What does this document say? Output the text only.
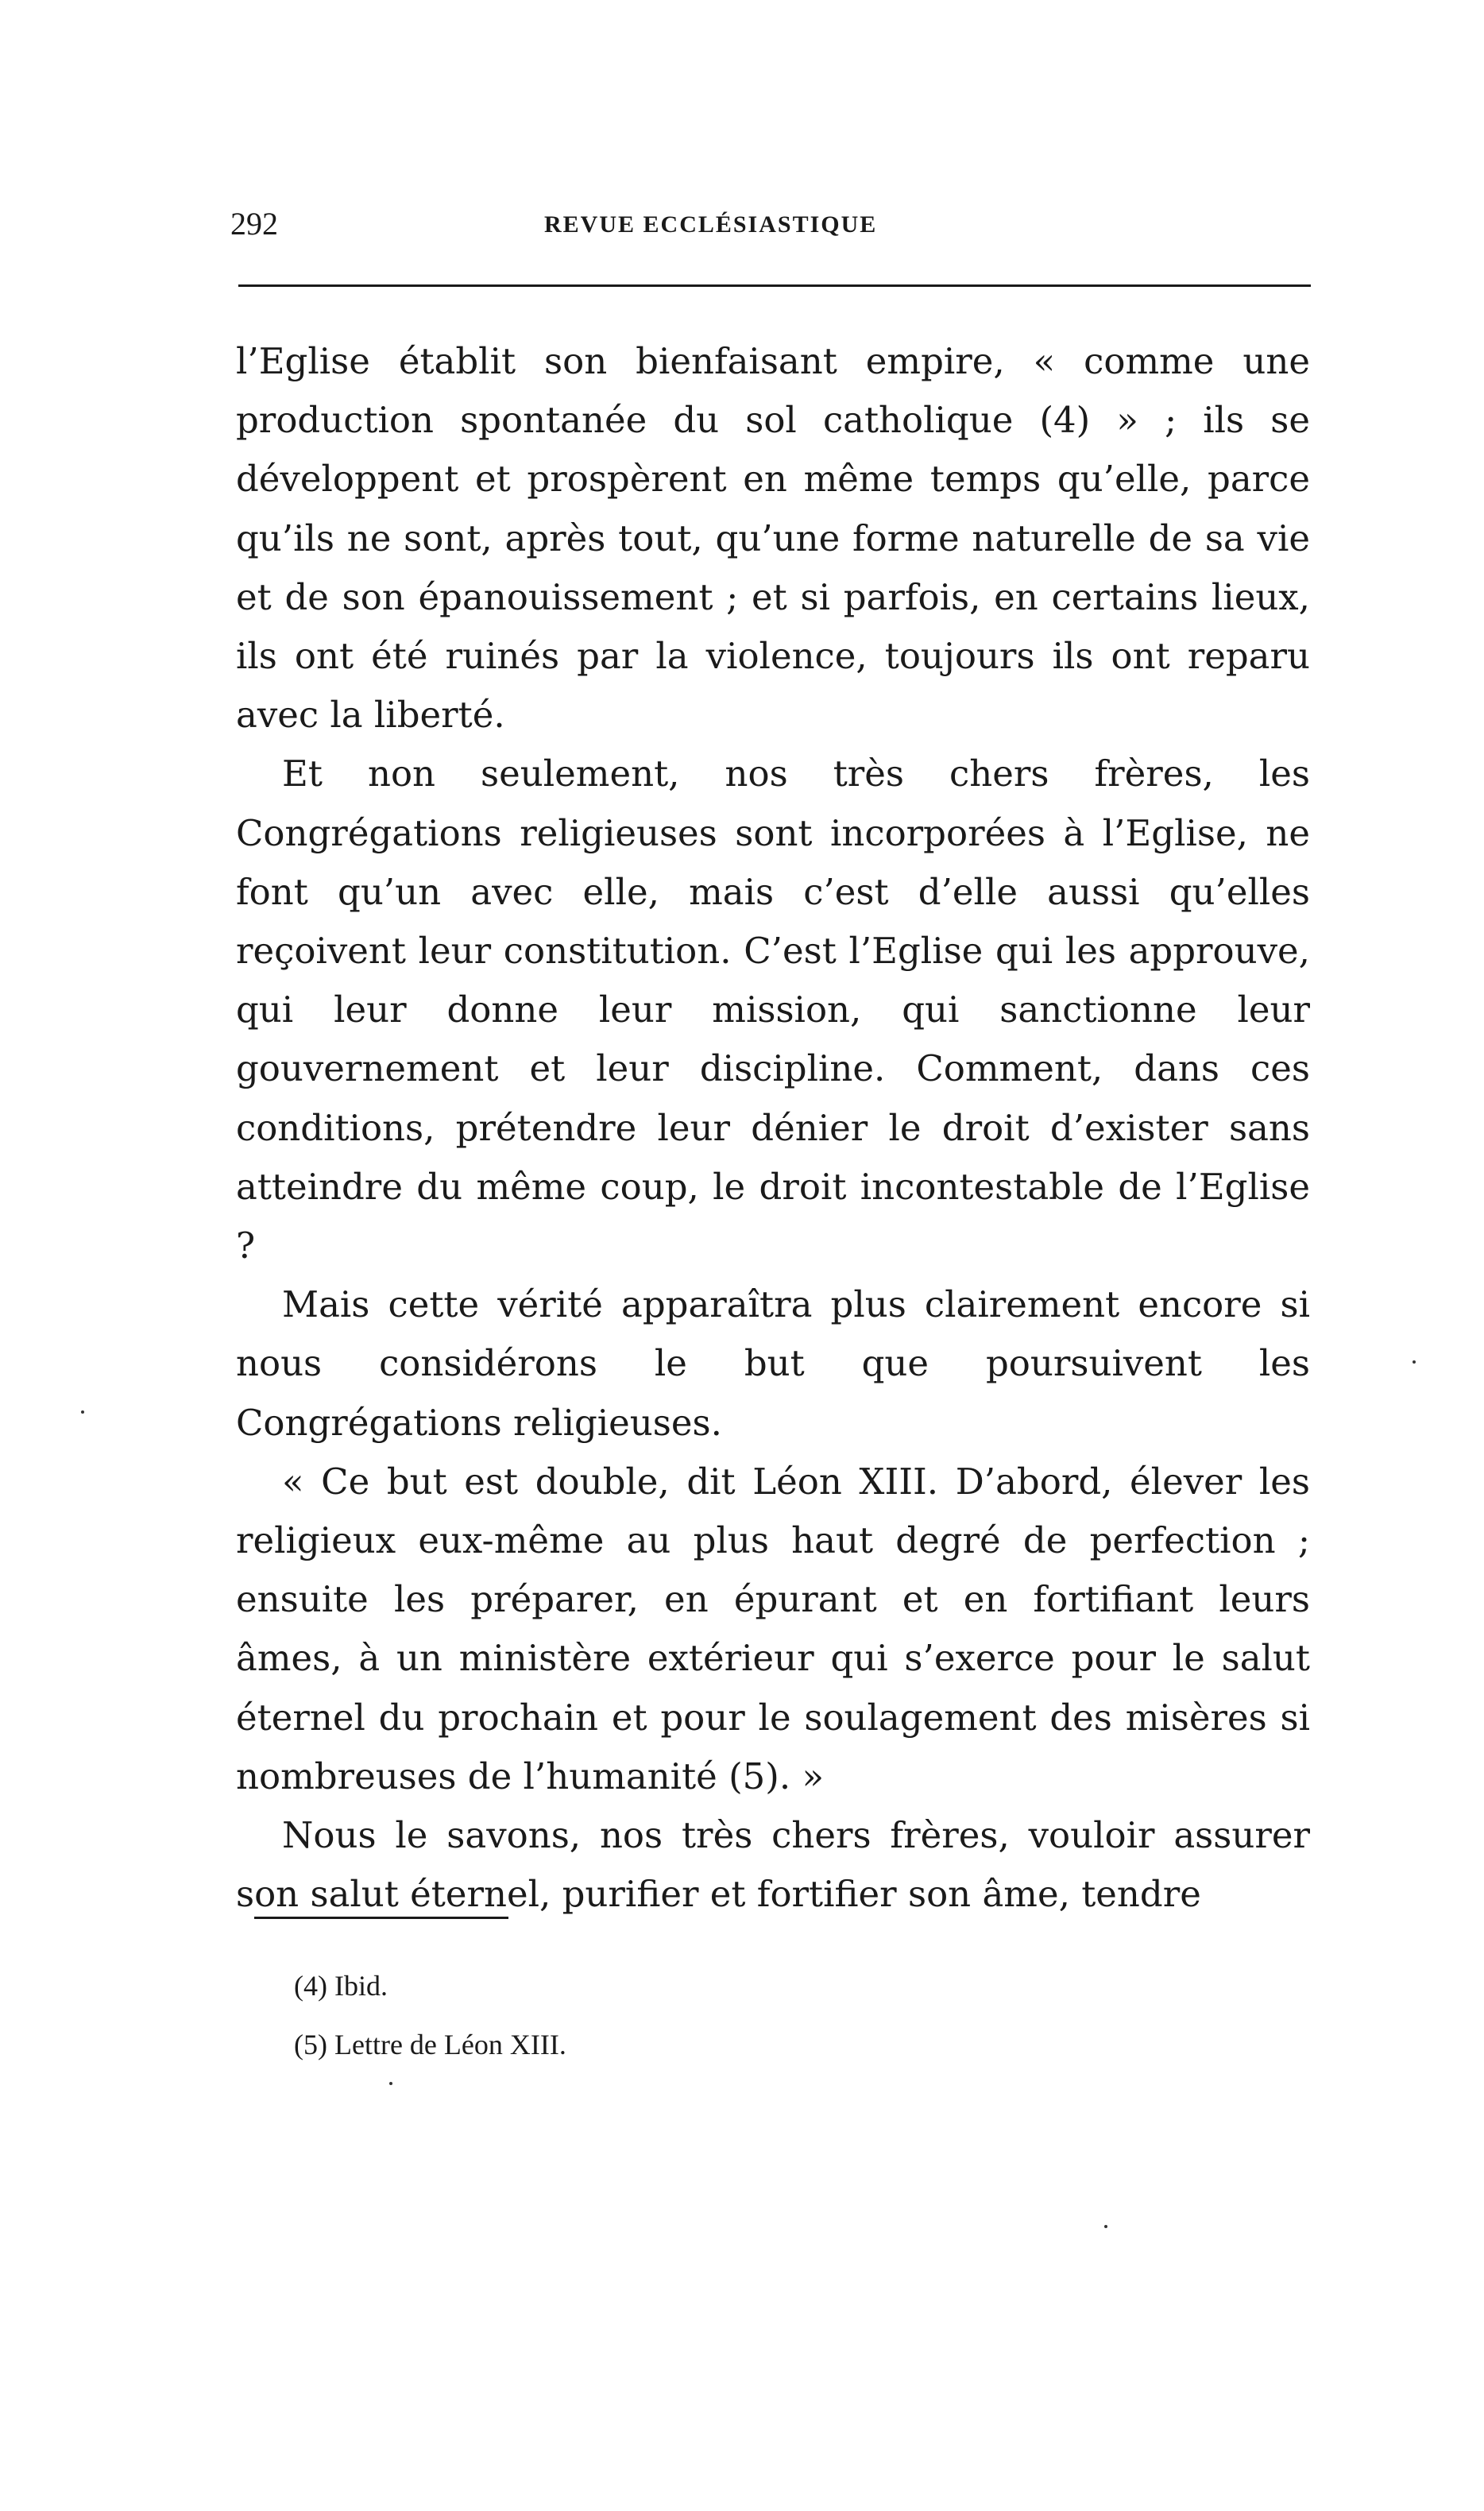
292	REVUE ECCLÉSIASTIQUE

l’Eglise établit son bienfaisant empire, « comme une production spontanée du sol catholique (4) » ; ils se développent et prospèrent en même temps qu’elle, parce qu’ils ne sont, après tout, qu’une forme naturelle de sa vie et de son épanouissement ; et si parfois, en certains lieux, ils ont été ruinés par la violence, toujours ils ont reparu avec la liberté.

Et non seulement, nos très chers frères, les Congrégations religieuses sont incorporées à l’Eglise, ne font qu’un avec elle, mais c’est d’elle aussi qu’elles reçoivent leur constitution. C’est l’Eglise qui les approuve, qui leur donne leur mission, qui sanctionne leur gouvernement et leur discipline. Comment, dans ces conditions, prétendre leur dénier le droit d’exister sans atteindre du même coup, le droit incontestable de l’Eglise ?

Mais cette vérité apparaîtra plus clairement encore si nous considérons le but que poursuivent les Congrégations religieuses.

« Ce but est double, dit Léon XIII. D’abord, élever les religieux eux-même au plus haut degré de perfection ; ensuite les préparer, en épurant et en fortifiant leurs âmes, à un ministère extérieur qui s’exerce pour le salut éternel du prochain et pour le soulagement des misères si nombreuses de l’humanité (5). »

Nous le savons, nos très chers frères, vouloir assurer son salut éternel, purifier et fortifier son âme, tendre

(4) Ibid.

(5) Lettre de Léon XIII.
